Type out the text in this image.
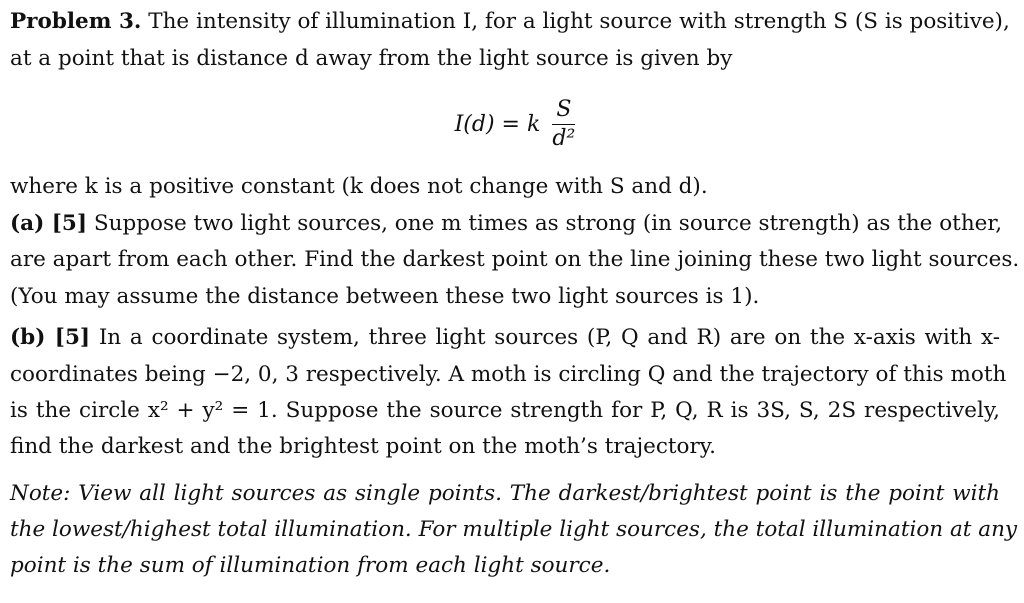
Problem 3. The intensity of illumination I, for a light source with strength S (S is positive),
at a point that is distance d away from the light source is given by
I(d) = k $\frac{S}{\text{d²}}$
where k is a positive constant (k does not change with S and d).
(a) [5] Suppose two light sources, one m times as strong (in source strength) as the other,
are apart from each other. Find the darkest point on the line joining these two light sources.
(You may assume the distance between these two light sources is 1).
(b) [5] In a coordinate system, three light sources (P, Q and R) are on the x-axis with x-
coordinates being −2, 0, 3 respectively. A moth is circling Q and the trajectory of this moth
is the circle x² + y² = 1. Suppose the source strength for P, Q, R is 3S, S, 2S respectively,
find the darkest and the brightest point on the moth’s trajectory.
Note: View all light sources as single points. The darkest/brightest point is the point with
the lowest/highest total illumination. For multiple light sources, the total illumination at any
point is the sum of illumination from each light source.
